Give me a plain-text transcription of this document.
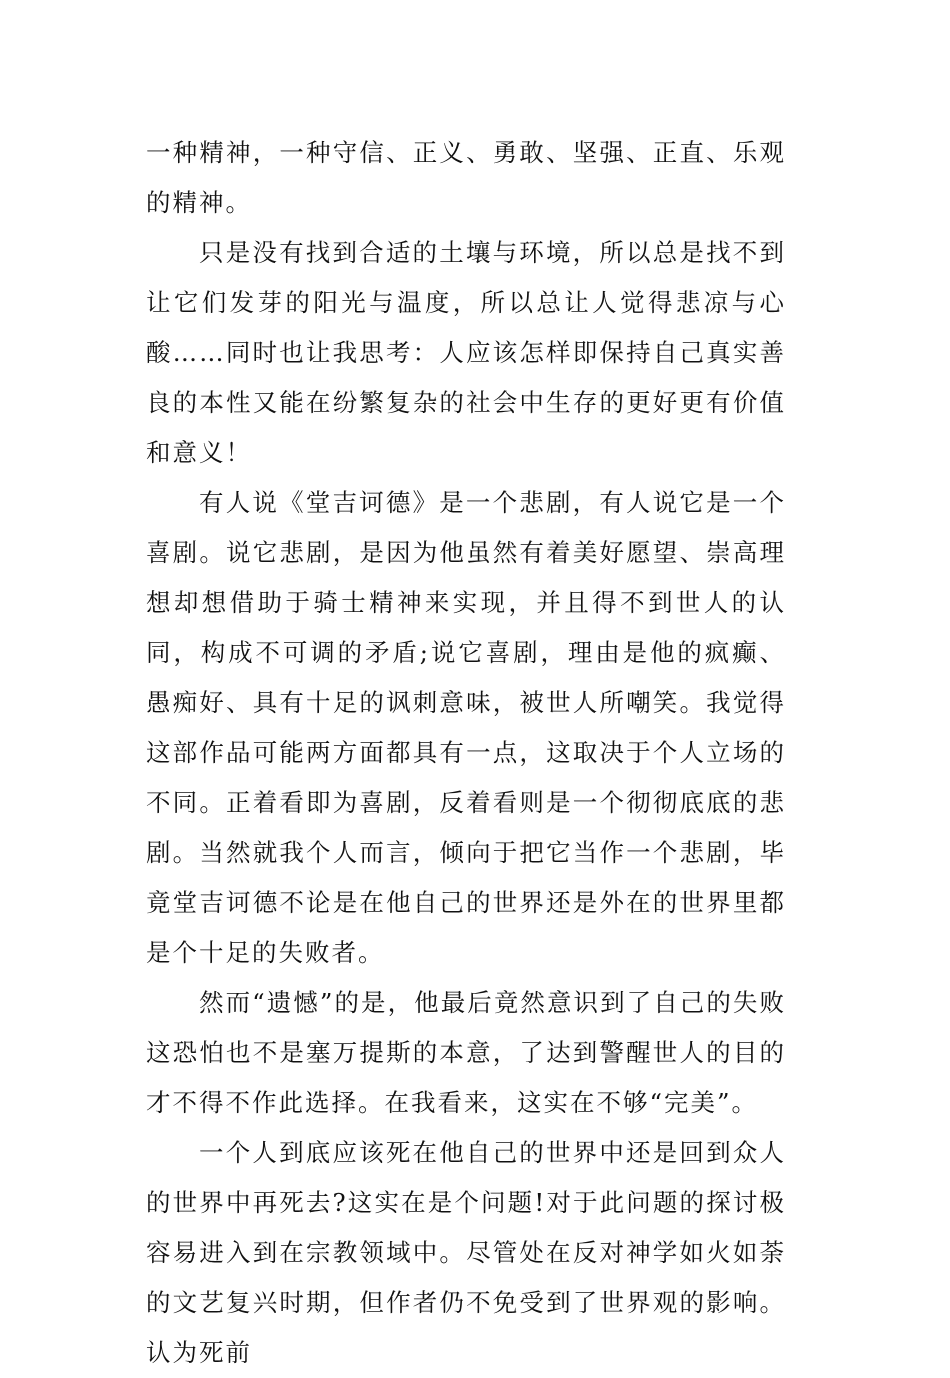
一种精神，一种守信、正义、勇敢、坚强、正直、乐观的精神。

只是没有找到合适的土壤与环境，所以总是找不到让它们发芽的阳光与温度，所以总让人觉得悲凉与心酸……同时也让我思考：人应该怎样即保持自己真实善良的本性又能在纷繁复杂的社会中生存的更好更有价值和意义！

有人说《堂吉诃德》是一个悲剧，有人说它是一个喜剧。说它悲剧，是因为他虽然有着美好愿望、崇高理想却想借助于骑士精神来实现，并且得不到世人的认同，构成不可调的矛盾;说它喜剧，理由是他的疯癫、愚痴好、具有十足的讽刺意味，被世人所嘲笑。我觉得这部作品可能两方面都具有一点，这取决于个人立场的不同。正着看即为喜剧，反着看则是一个彻彻底底的悲剧。当然就我个人而言，倾向于把它当作一个悲剧，毕竟堂吉诃德不论是在他自己的世界还是外在的世界里都是个十足的失败者。

然而“遗憾”的是，他最后竟然意识到了自己的失败这恐怕也不是塞万提斯的本意，了达到警醒世人的目的才不得不作此选择。在我看来，这实在不够“完美”。

一个人到底应该死在他自己的世界中还是回到众人的世界中再死去?这实在是个问题!对于此问题的探讨极容易进入到在宗教领域中。尽管处在反对神学如火如荼的文艺复兴时期，但作者仍不免受到了世界观的影响。认为死前
